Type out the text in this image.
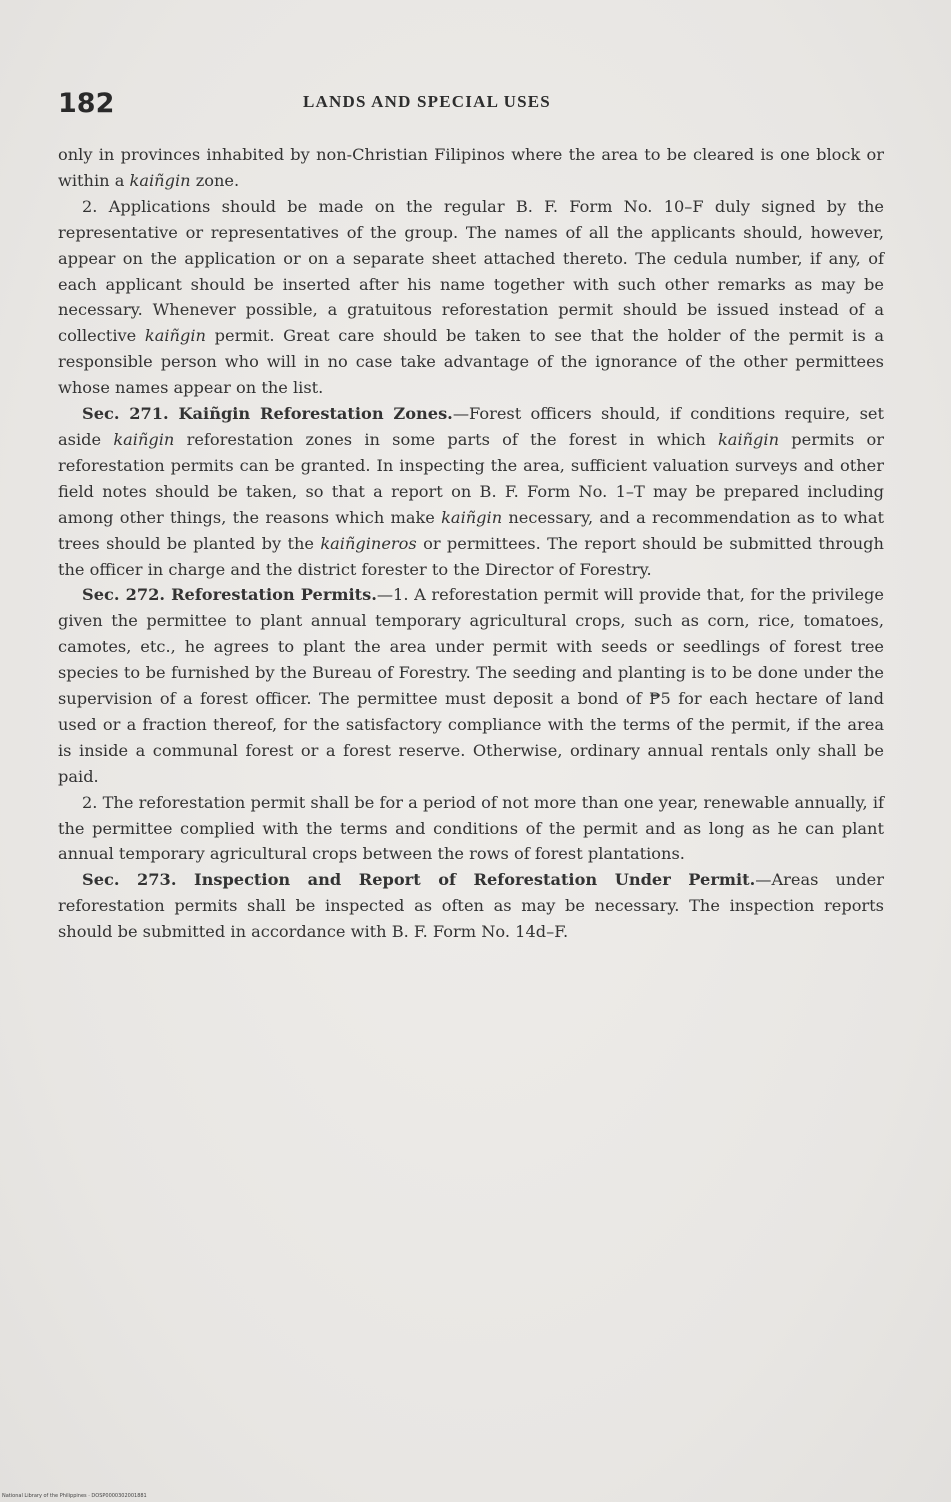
182	LANDS AND SPECIAL USES

only in provinces inhabited by non-Christian Filipinos where the area to be cleared is one block or within a kaiñgin zone.

2. Applications should be made on the regular B. F. Form No. 10–F duly signed by the representative or representatives of the group. The names of all the applicants should, however, appear on the application or on a separate sheet attached thereto. The cedula number, if any, of each applicant should be inserted after his name together with such other remarks as may be necessary. Whenever possible, a gratuitous reforestation permit should be issued instead of a collective kaiñgin permit. Great care should be taken to see that the holder of the permit is a responsible person who will in no case take advantage of the ignorance of the other permittees whose names appear on the list.

Sec. 271. Kaiñgin Reforestation Zones.—Forest officers should, if conditions require, set aside kaiñgin reforestation zones in some parts of the forest in which kaiñgin permits or reforestation permits can be granted. In inspecting the area, sufficient valuation surveys and other field notes should be taken, so that a report on B. F. Form No. 1–T may be prepared including among other things, the reasons which make kaiñgin necessary, and a recommendation as to what trees should be planted by the kaiñgineros or permittees. The report should be submitted through the officer in charge and the district forester to the Director of Forestry.

Sec. 272. Reforestation Permits.—1. A reforestation permit will provide that, for the privilege given the permittee to plant annual temporary agricultural crops, such as corn, rice, tomatoes, camotes, etc., he agrees to plant the area under permit with seeds or seedlings of forest tree species to be furnished by the Bureau of Forestry. The seeding and planting is to be done under the supervision of a forest officer. The permittee must deposit a bond of ₱5 for each hectare of land used or a fraction thereof, for the satisfactory compliance with the terms of the permit, if the area is inside a communal forest or a forest reserve. Otherwise, ordinary annual rentals only shall be paid.

2. The reforestation permit shall be for a period of not more than one year, renewable annually, if the permittee complied with the terms and conditions of the permit and as long as he can plant annual temporary agricultural crops between the rows of forest plantations.

Sec. 273. Inspection and Report of Reforestation Under Permit.—Areas under reforestation permits shall be inspected as often as may be necessary. The inspection reports should be submitted in accordance with B. F. Form No. 14d–F.

National Library of the Philippines · DOSP0000302001881
